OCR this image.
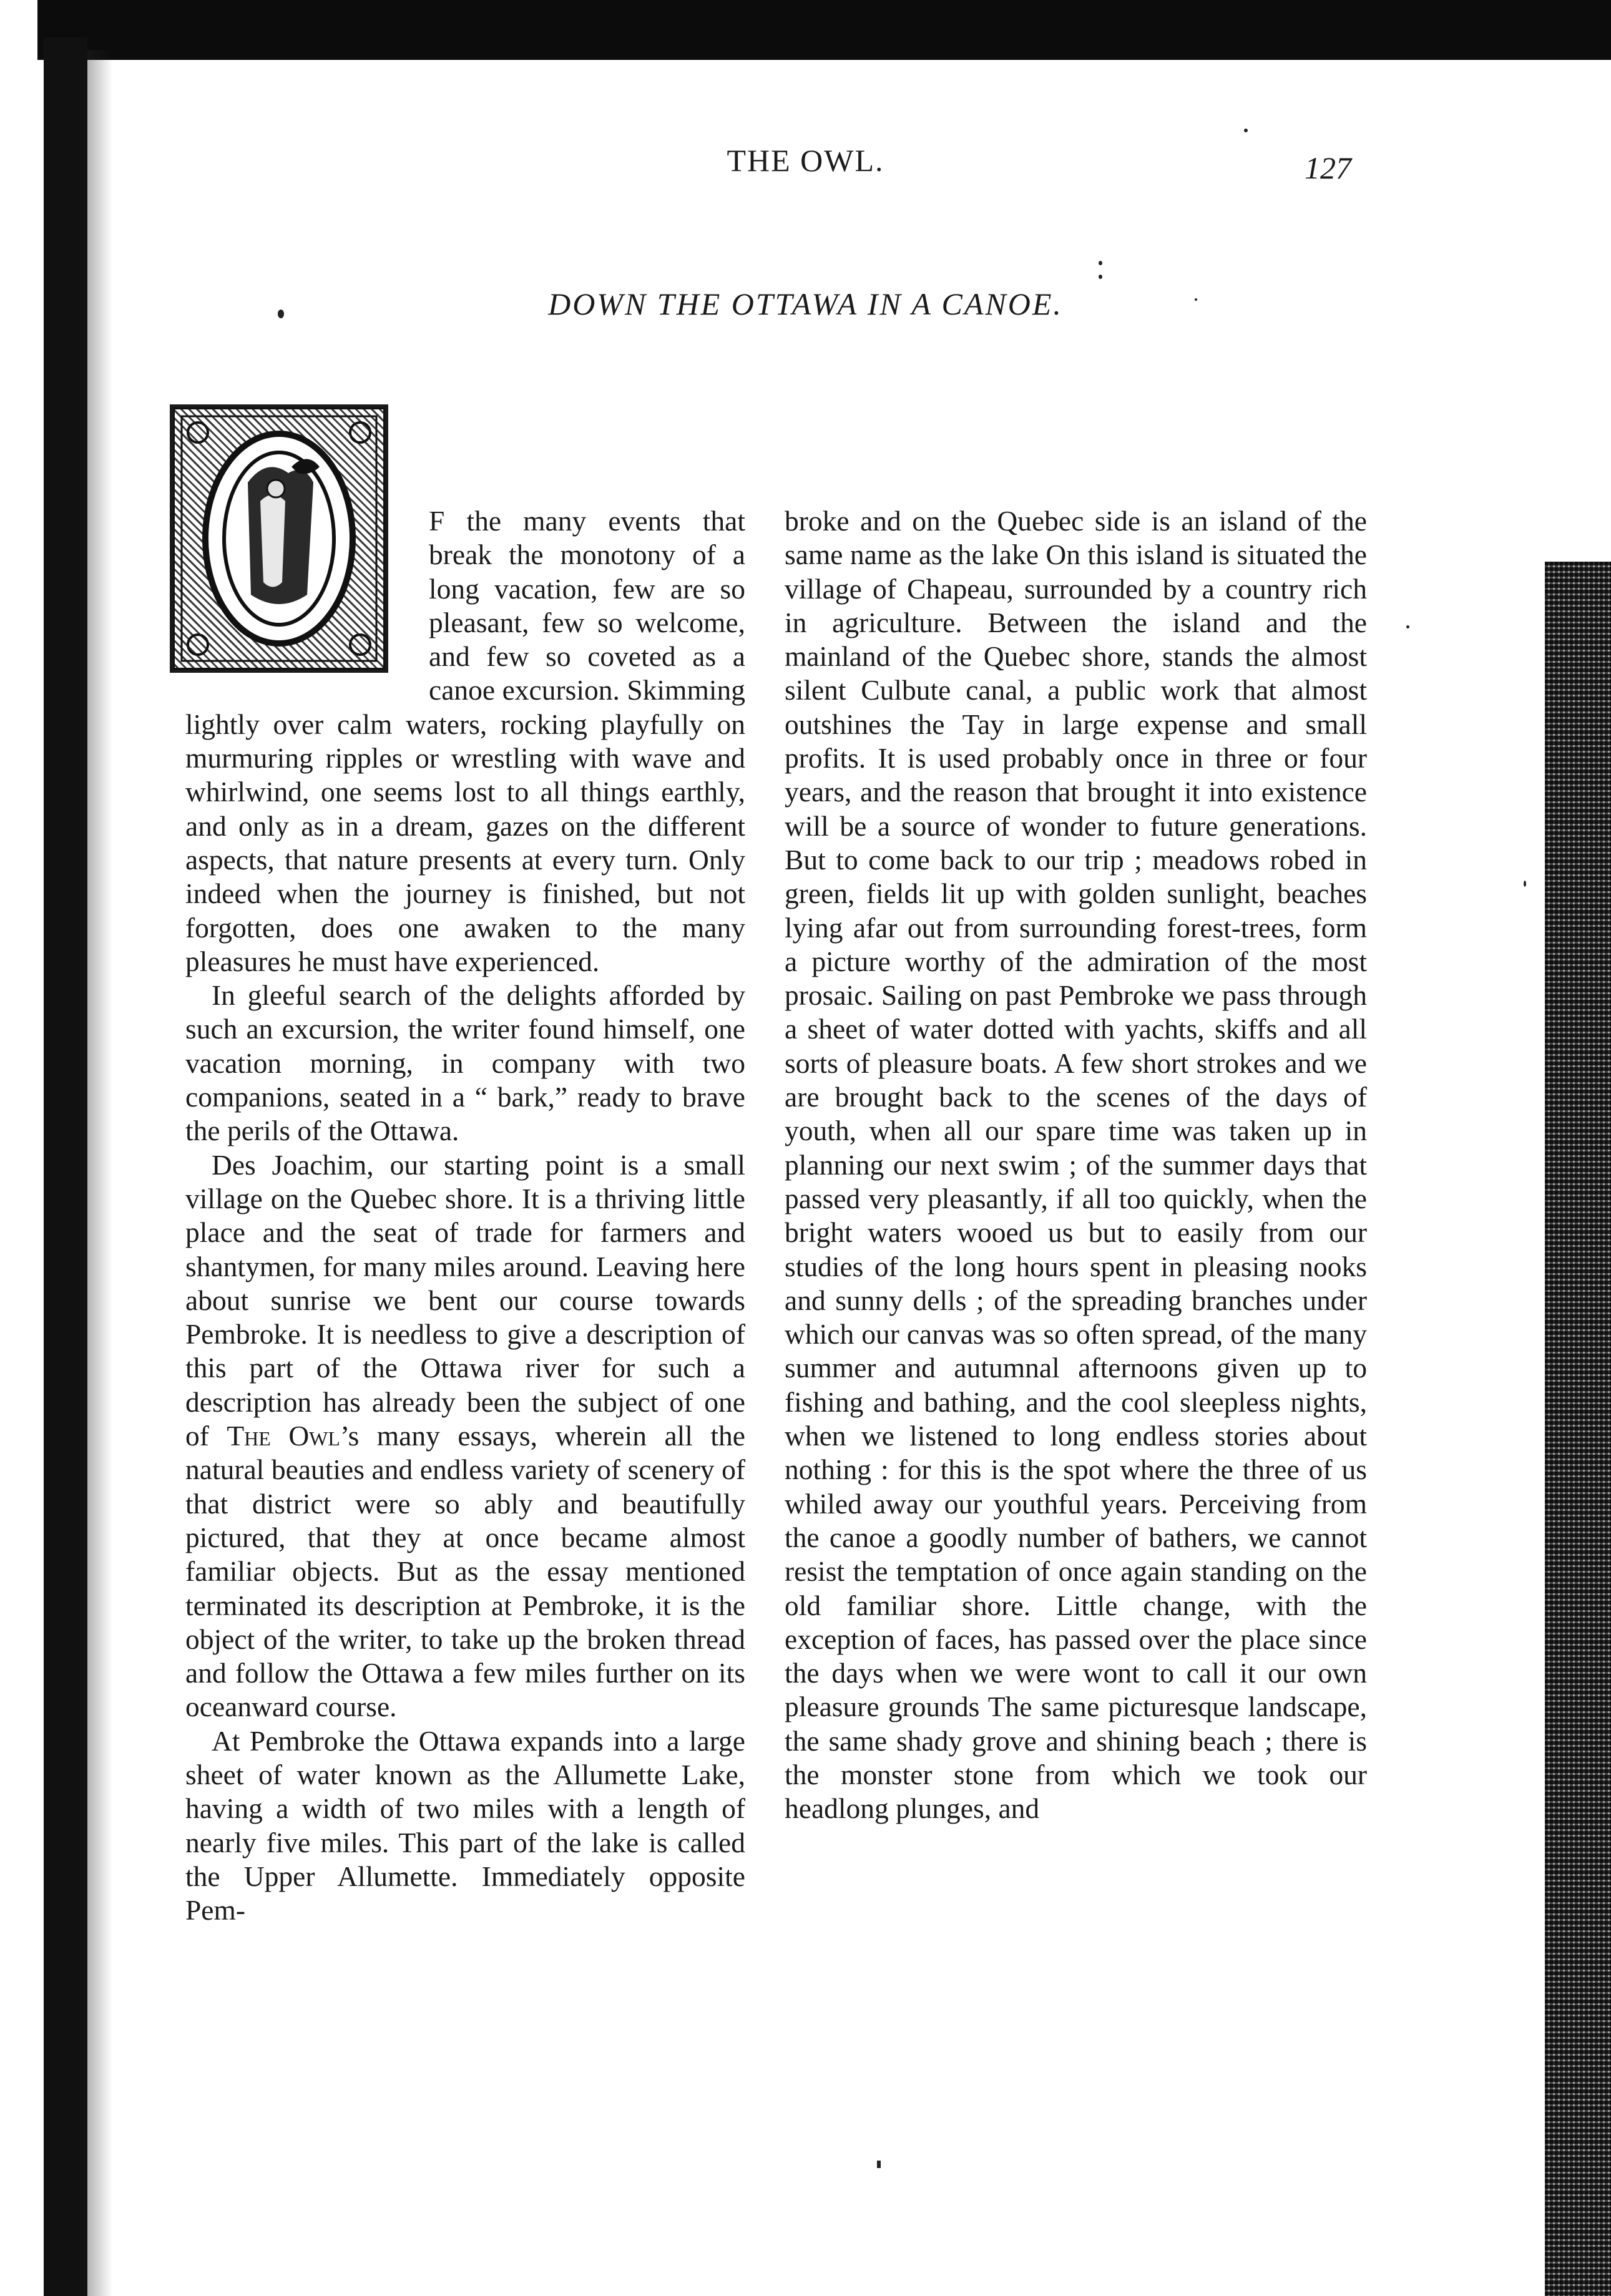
THE OWL.	127
DOWN THE OTTAWA IN A CANOE.

F the many events that break the monotony of a long vacation, few are so pleasant, few so welcome, and few so coveted as a canoe excursion. Skimming lightly over calm waters, rocking playfully on murmuring ripples or wrestling with wave and whirlwind, one seems lost to all things earthly, and only as in a dream, gazes on the different aspects, that nature presents at every turn. Only indeed when the journey is finished, but not forgotten, does one awaken to the many pleasures he must have experienced.

In gleeful search of the delights afforded by such an excursion, the writer found himself, one vacation morning, in company with two companions, seated in a “ bark,” ready to brave the perils of the Ottawa.

Des Joachim, our starting point is a small village on the Quebec shore. It is a thriving little place and the seat of trade for farmers and shantymen, for many miles around. Leaving here about sunrise we bent our course towards Pembroke. It is needless to give a description of this part of the Ottawa river for such a description has already been the subject of one of The Owl’s many essays, wherein all the natural beauties and endless variety of scenery of that district were so ably and beautifully pictured, that they at once became almost familiar objects. But as the essay mentioned terminated its description at Pembroke, it is the object of the writer, to take up the broken thread and follow the Ottawa a few miles further on its oceanward course.

At Pembroke the Ottawa expands into a large sheet of water known as the Allumette Lake, having a width of two miles with a length of nearly five miles. This part of the lake is called the Upper Allumette. Immediately opposite Pem-

broke and on the Quebec side is an island of the same name as the lake On this island is situated the village of Chapeau, surrounded by a country rich in agriculture. Between the island and the mainland of the Quebec shore, stands the almost silent Culbute canal, a public work that almost outshines the Tay in large expense and small profits. It is used probably once in three or four years, and the reason that brought it into existence will be a source of wonder to future generations. But to come back to our trip ; meadows robed in green, fields lit up with golden sunlight, beaches lying afar out from surrounding forest-trees, form a picture worthy of the admiration of the most prosaic. Sailing on past Pembroke we pass through a sheet of water dotted with yachts, skiffs and all sorts of pleasure boats. A few short strokes and we are brought back to the scenes of the days of youth, when all our spare time was taken up in planning our next swim ; of the summer days that passed very pleasantly, if all too quickly, when the bright waters wooed us but to easily from our studies of the long hours spent in pleasing nooks and sunny dells ; of the spreading branches under which our canvas was so often spread, of the many summer and autumnal afternoons given up to fishing and bathing, and the cool sleepless nights, when we listened to long endless stories about nothing : for this is the spot where the three of us whiled away our youthful years. Perceiving from the canoe a goodly number of bathers, we cannot resist the temptation of once again standing on the old familiar shore. Little change, with the exception of faces, has passed over the place since the days when we were wont to call it our own pleasure grounds The same picturesque landscape, the same shady grove and shining beach ; there is the monster stone from which we took our headlong plunges, and
